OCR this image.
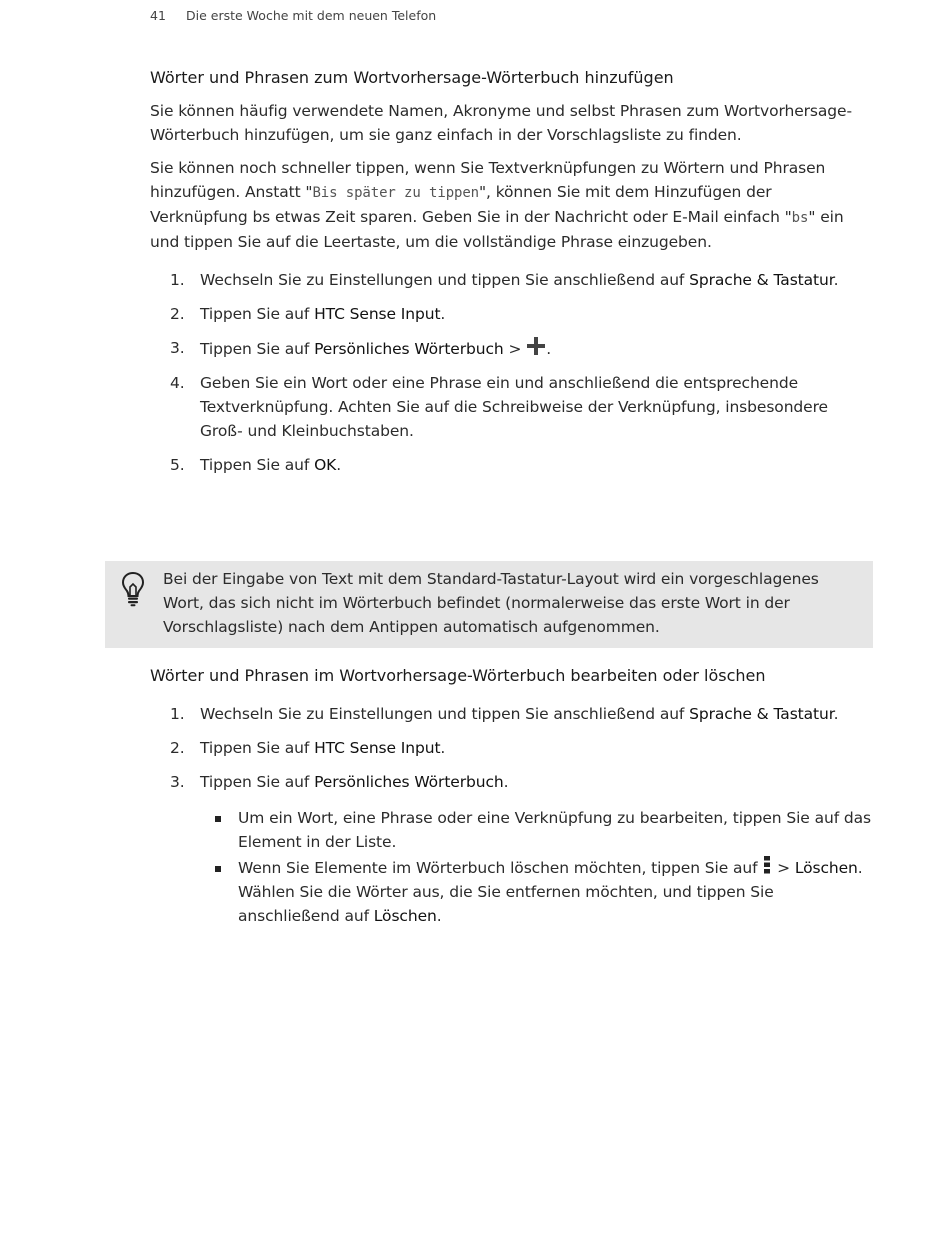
41 Die erste Woche mit dem neuen Telefon
Wörter und Phrasen zum Wortvorhersage-Wörterbuch hinzufügen

Sie können häufig verwendete Namen, Akronyme und selbst Phrasen zum Wortvorhersage-Wörterbuch hinzufügen, um sie ganz einfach in der Vorschlagsliste zu finden.

Sie können noch schneller tippen, wenn Sie Textverknüpfungen zu Wörtern und Phrasen hinzufügen. Anstatt "Bis später zu tippen", können Sie mit dem Hinzufügen der Verknüpfung bs etwas Zeit sparen. Geben Sie in der Nachricht oder E-Mail einfach "bs" ein und tippen Sie auf die Leertaste, um die vollständige Phrase einzugeben.

1. Wechseln Sie zu Einstellungen und tippen Sie anschließend auf Sprache & Tastatur.
2. Tippen Sie auf HTC Sense Input.
3. Tippen Sie auf Persönliches Wörterbuch > .
4. Geben Sie ein Wort oder eine Phrase ein und anschließend die entsprechende Textverknüpfung. Achten Sie auf die Schreibweise der Verknüpfung, insbesondere Groß- und Kleinbuchstaben.
5. Tippen Sie auf OK.

Bei der Eingabe von Text mit dem Standard-Tastatur-Layout wird ein vorgeschlagenes Wort, das sich nicht im Wörterbuch befindet (normalerweise das erste Wort in der Vorschlagsliste) nach dem Antippen automatisch aufgenommen.

Wörter und Phrasen im Wortvorhersage-Wörterbuch bearbeiten oder löschen
1. Wechseln Sie zu Einstellungen und tippen Sie anschließend auf Sprache & Tastatur.
2. Tippen Sie auf HTC Sense Input.
3. Tippen Sie auf Persönliches Wörterbuch.
Um ein Wort, eine Phrase oder eine Verknüpfung zu bearbeiten, tippen Sie auf das Element in der Liste.
Wenn Sie Elemente im Wörterbuch löschen möchten, tippen Sie auf  > Löschen. Wählen Sie die Wörter aus, die Sie entfernen möchten, und tippen Sie anschließend auf Löschen.
